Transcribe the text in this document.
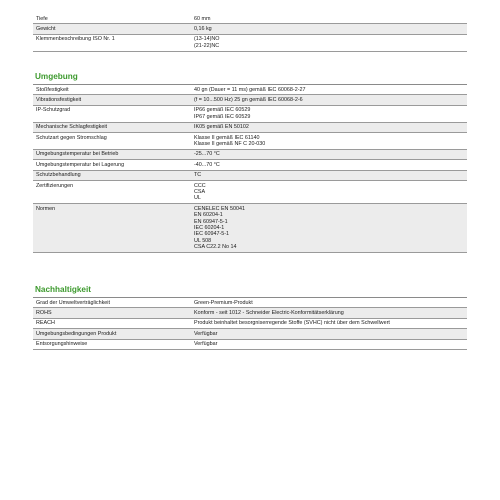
Tiefe	60 mm
Gewicht	0,16 kg
Klemmenbeschreibung ISO Nr. 1	(13-14)NO
(21-22)NC
Umgebung
Stoßfestigkeit	40 gn (Dauer = 11 ms) gemäß IEC 60068-2-27
Vibrationsfestigkeit	(f = 10...500 Hz) 25 gn gemäß IEC 60068-2-6
IP-Schutzgrad	IP66 gemäß IEC 60529
IP67 gemäß IEC 60529
Mechanische Schlagfestigkeit	IK05 gemäß EN 50102
Schutzart gegen Stromschlag	Klasse II gemäß IEC 61140
Klasse II gemäß NF C 20-030
Umgebungstemperatur bei Betrieb	-25...70 °C
Umgebungstemperatur bei Lagerung	-40...70 °C
Schutzbehandlung	TC
Zertifizierungen	CCC
CSA
UL
Normen	CENELEC EN 50041
EN 60204-1
EN 60947-5-1
IEC 60204-1
IEC 60947-5-1
UL 508
CSA C22.2 No 14
Nachhaltigkeit
Grad der Umweltverträglichkeit	Green-Premium-Produkt
ROHS	Konform - seit 1012 - Schneider Electric-Konformitätserklärung
REACH	Produkt beinhaltet besorgniserregende Stoffe (SVHC) nicht über dem Schwellwert
Umgebungsbedingungen Produkt	Verfügbar
Entsorgungshinweise	Verfügbar
